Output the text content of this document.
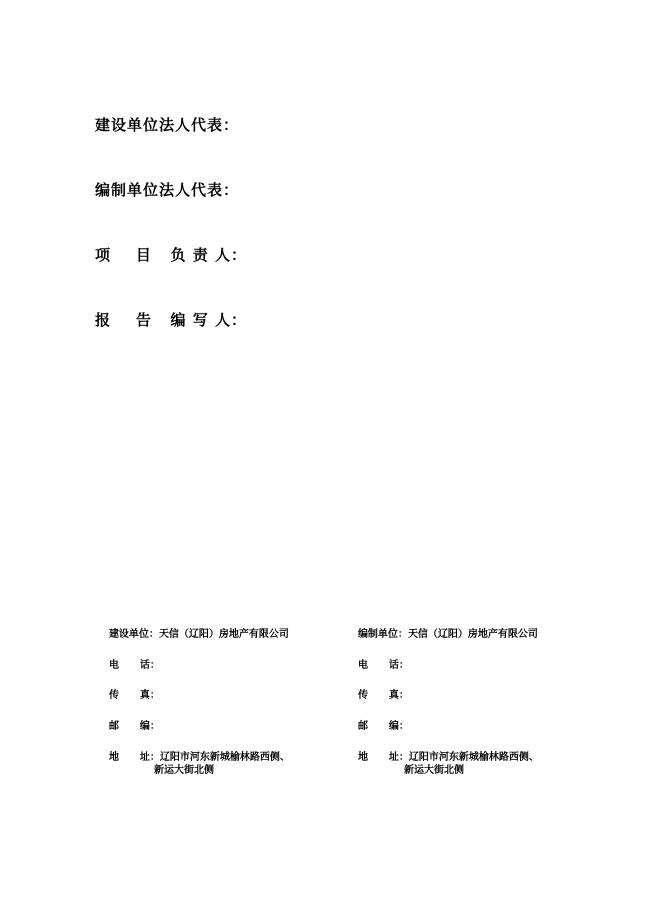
建设单位法人代表：
编制单位法人代表：
项    目   负 责 人：
报    告   编 写 人：

建设单位：天信（辽阳）房地产有限公司

电      话：

传      真：

邮      编：

地      址：辽阳市河东新城榆林路西侧、

新运大街北侧

编制单位：天信（辽阳）房地产有限公司

电      话：

传      真：

邮      编：

地      址：辽阳市河东新城榆林路西侧、

新运大街北侧
